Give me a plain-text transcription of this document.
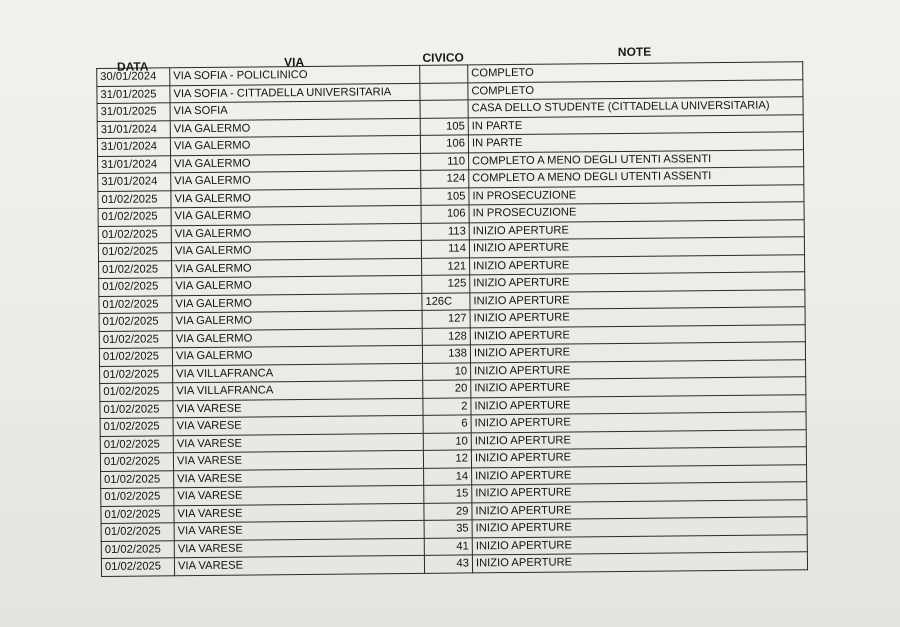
DATA	VIA	CIVICO	NOTE
30/01/2024	VIA SOFIA - POLICLINICO		COMPLETO
31/01/2025	VIA SOFIA - CITTADELLA UNIVERSITARIA		COMPLETO
31/01/2025	VIA SOFIA		CASA DELLO STUDENTE (CITTADELLA UNIVERSITARIA)
31/01/2024	VIA GALERMO	105	IN PARTE
31/01/2024	VIA GALERMO	106	IN PARTE
31/01/2024	VIA GALERMO	110	COMPLETO A MENO DEGLI UTENTI ASSENTI
31/01/2024	VIA GALERMO	124	COMPLETO A MENO DEGLI UTENTI ASSENTI
01/02/2025	VIA GALERMO	105	IN PROSECUZIONE
01/02/2025	VIA GALERMO	106	IN PROSECUZIONE
01/02/2025	VIA GALERMO	113	INIZIO APERTURE
01/02/2025	VIA GALERMO	114	INIZIO APERTURE
01/02/2025	VIA GALERMO	121	INIZIO APERTURE
01/02/2025	VIA GALERMO	125	INIZIO APERTURE
01/02/2025	VIA GALERMO	126C	INIZIO APERTURE
01/02/2025	VIA GALERMO	127	INIZIO APERTURE
01/02/2025	VIA GALERMO	128	INIZIO APERTURE
01/02/2025	VIA GALERMO	138	INIZIO APERTURE
01/02/2025	VIA VILLAFRANCA	10	INIZIO APERTURE
01/02/2025	VIA VILLAFRANCA	20	INIZIO APERTURE
01/02/2025	VIA VARESE	2	INIZIO APERTURE
01/02/2025	VIA VARESE	6	INIZIO APERTURE
01/02/2025	VIA VARESE	10	INIZIO APERTURE
01/02/2025	VIA VARESE	12	INIZIO APERTURE
01/02/2025	VIA VARESE	14	INIZIO APERTURE
01/02/2025	VIA VARESE	15	INIZIO APERTURE
01/02/2025	VIA VARESE	29	INIZIO APERTURE
01/02/2025	VIA VARESE	35	INIZIO APERTURE
01/02/2025	VIA VARESE	41	INIZIO APERTURE
01/02/2025	VIA VARESE	43	INIZIO APERTURE
